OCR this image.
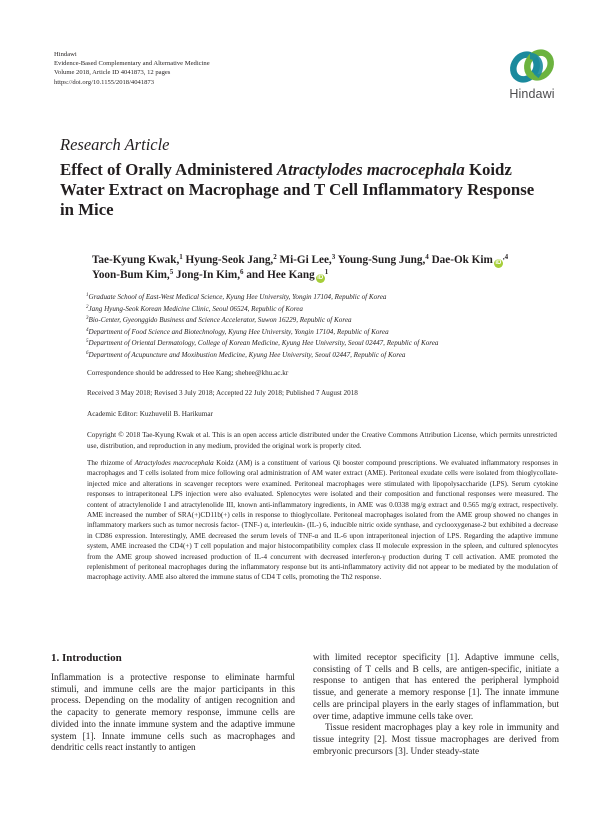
Hindawi
Evidence-Based Complementary and Alternative Medicine
Volume 2018, Article ID 4041873, 12 pages
https://doi.org/10.1155/2018/4041873
Hindawi
Research Article
Effect of Orally Administered Atractylodes macrocephala Koidz Water Extract on Macrophage and T Cell Inflammatory Response in Mice
Tae-Kyung Kwak,$^1$ Hyung-Seok Jang,$^2$ Mi-Gi Lee,$^3$ Young-Sung Jung,$^4$ Dae-Ok Kim $iD^{,4}$
Yoon-Bum Kim,$^5$ Jong-In Kim,$^6$ and Hee Kang $iD^1$
$^1$Graduate School of East-West Medical Science, Kyung Hee University, Yongin 17104, Republic of Korea
$^2$Jang Hyung-Seok Korean Medicine Clinic, Seoul 06524, Republic of Korea
$^3$Bio-Center, Gyeonggido Business and Science Accelerator, Suwon 16229, Republic of Korea
$^4$Department of Food Science and Biotechnology, Kyung Hee University, Yongin 17104, Republic of Korea
$^5$Department of Oriental Dermatology, College of Korean Medicine, Kyung Hee University, Seoul 02447, Republic of Korea
$^6$Department of Acupuncture and Moxibustion Medicine, Kyung Hee University, Seoul 02447, Republic of Korea
Correspondence should be addressed to Hee Kang; shehee@khu.ac.kr
Received 3 May 2018; Revised 3 July 2018; Accepted 22 July 2018; Published 7 August 2018
Academic Editor: Kuzhuvelil B. Harikumar
Copyright © 2018 Tae-Kyung Kwak et al. This is an open access article distributed under the Creative Commons Attribution License, which permits unrestricted use, distribution, and reproduction in any medium, provided the original work is properly cited.
The rhizome of Atractylodes macrocephala Koidz (AM) is a constituent of various Qi booster compound prescriptions. We evaluated inflammatory responses in macrophages and T cells isolated from mice following oral administration of AM water extract (AME). Peritoneal exudate cells were isolated from thioglycollate-injected mice and alterations in scavenger receptors were examined. Peritoneal macrophages were stimulated with lipopolysaccharide (LPS). Serum cytokine responses to intraperitoneal LPS injection were also evaluated. Splenocytes were isolated and their composition and functional responses were measured. The content of atractylenolide I and atractylenolide III, known anti-inflammatory ingredients, in AME was 0.0338 mg/g extract and 0.565 mg/g extract, respectively. AME increased the number of SRA(+)CD11b(+) cells in response to thioglycollate. Peritoneal macrophages isolated from the AME group showed no changes in inflammatory markers such as tumor necrosis factor- (TNF-) α, interleukin- (IL-) 6, inducible nitric oxide synthase, and cyclooxygenase-2 but exhibited a decrease in CD86 expression. Interestingly, AME decreased the serum levels of TNF-α and IL-6 upon intraperitoneal injection of LPS. Regarding the adaptive immune system, AME increased the CD4(+) T cell population and major histocompatibility complex class II molecule expression in the spleen, and cultured splenocytes from the AME group showed increased production of IL-4 concurrent with decreased interferon-γ production during T cell activation. AME promoted the replenishment of peritoneal macrophages during the inflammatory response but its anti-inflammatory activity did not appear to be mediated by the modulation of macrophage activity. AME also altered the immune status of CD4 T cells, promoting the Th2 response.
1. Introduction
Inflammation is a protective response to eliminate harmful stimuli, and immune cells are the major participants in this process. Depending on the modality of antigen recognition and the capacity to generate memory response, immune cells are divided into the innate immune system and the adaptive immune system [1]. Innate immune cells such as macrophages and dendritic cells react instantly to antigen
with limited receptor specificity [1]. Adaptive immune cells, consisting of T cells and B cells, are antigen-specific, initiate a response to antigen that has entered the peripheral lymphoid tissue, and generate a memory response [1]. The innate immune cells are principal players in the early stages of inflammation, but over time, adaptive immune cells take over.
Tissue resident macrophages play a key role in immunity and tissue integrity [2]. Most tissue macrophages are derived from embryonic precursors [3]. Under steady-state
